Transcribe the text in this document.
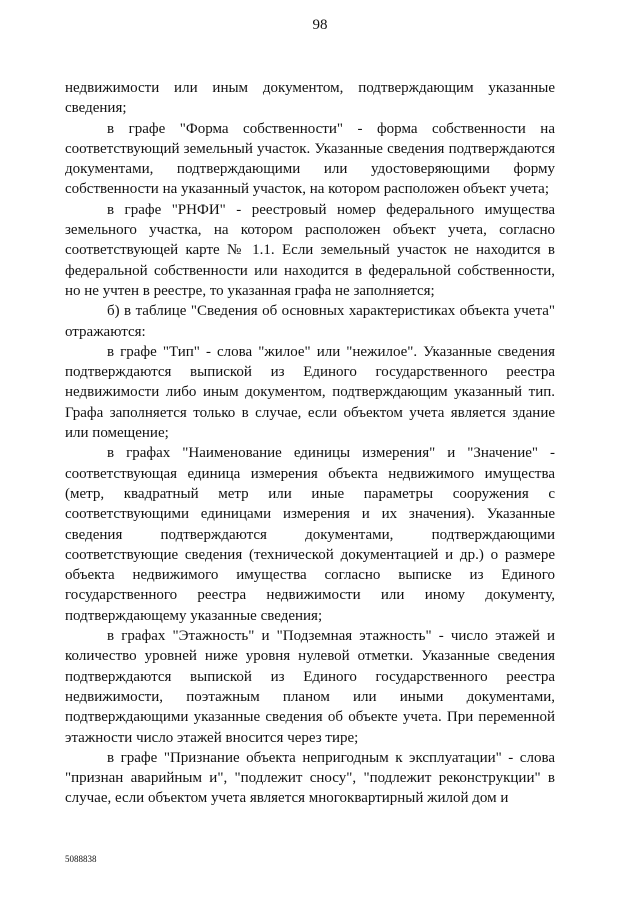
98

недвижимости или иным документом, подтверждающим указанные сведения;

в графе "Форма собственности" - форма собственности на соответствующий земельный участок. Указанные сведения подтверждаются документами, подтверждающими или удостоверяющими форму собственности на указанный участок, на котором расположен объект учета;

в графе "РНФИ" - реестровый номер федерального имущества земельного участка, на котором расположен объект учета, согласно соответствующей карте № 1.1. Если земельный участок не находится в федеральной собственности или находится в федеральной собственности, но не учтен в реестре, то указанная графа не заполняется;

б) в таблице "Сведения об основных характеристиках объекта учета" отражаются:

в графе "Тип" - слова "жилое" или "нежилое". Указанные сведения подтверждаются выпиской из Единого государственного реестра недвижимости либо иным документом, подтверждающим указанный тип. Графа заполняется только в случае, если объектом учета является здание или помещение;

в графах "Наименование единицы измерения" и "Значение" - соответствующая единица измерения объекта недвижимого имущества (метр, квадратный метр или иные параметры сооружения с соответствующими единицами измерения и их значения). Указанные сведения подтверждаются документами, подтверждающими соответствующие сведения (технической документацией и др.) о размере объекта недвижимого имущества согласно выписке из Единого государственного реестра недвижимости или иному документу, подтверждающему указанные сведения;

в графах "Этажность" и "Подземная этажность" - число этажей и количество уровней ниже уровня нулевой отметки. Указанные сведения подтверждаются выпиской из Единого государственного реестра недвижимости, поэтажным планом или иными документами, подтверждающими указанные сведения об объекте учета. При переменной этажности число этажей вносится через тире;

в графе "Признание объекта непригодным к эксплуатации" - слова "признан аварийным и", "подлежит сносу", "подлежит реконструкции" в случае, если объектом учета является многоквартирный жилой дом и

5088838
